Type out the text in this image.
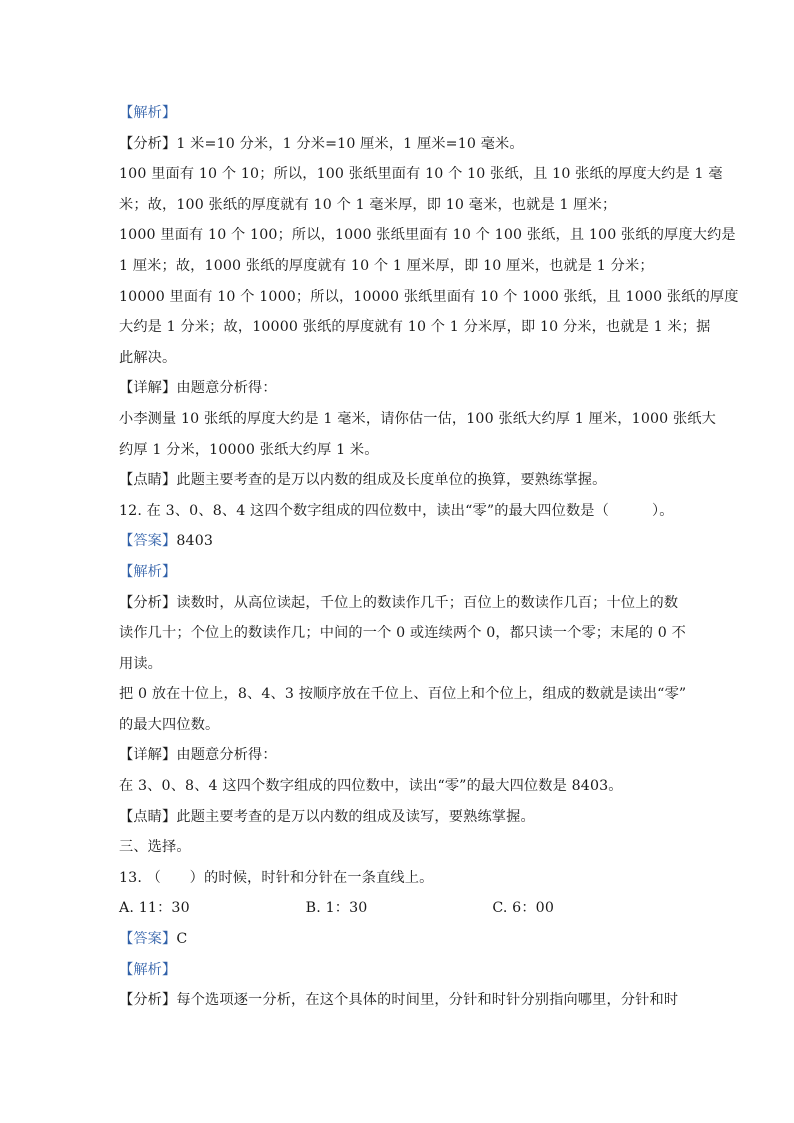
【解析】
【分析】1 米=10 分米，1 分米=10 厘米，1 厘米=10 毫米。
100 里面有 10 个 10；所以，100 张纸里面有 10 个 10 张纸，且 10 张纸的厚度大约是 1 毫
米；故，100 张纸的厚度就有 10 个 1 毫米厚，即 10 毫米，也就是 1 厘米；
1000 里面有 10 个 100；所以，1000 张纸里面有 10 个 100 张纸，且 100 张纸的厚度大约是
1 厘米；故，1000 张纸的厚度就有 10 个 1 厘米厚，即 10 厘米，也就是 1 分米；
10000 里面有 10 个 1000；所以，10000 张纸里面有 10 个 1000 张纸，且 1000 张纸的厚度
大约是 1 分米；故，10000 张纸的厚度就有 10 个 1 分米厚，即 10 分米，也就是 1 米；据
此解决。
【详解】由题意分析得：
小李测量 10 张纸的厚度大约是 1 毫米，请你估一估，100 张纸大约厚 1 厘米，1000 张纸大
约厚 1 分米，10000 张纸大约厚 1 米。
【点睛】此题主要考查的是万以内数的组成及长度单位的换算，要熟练掌握。
12. 在 3、0、8、4 这四个数字组成的四位数中，读出“零”的最大四位数是（　　　）。
【答案】8403
【解析】
【分析】读数时，从高位读起，千位上的数读作几千；百位上的数读作几百；十位上的数
读作几十；个位上的数读作几；中间的一个 0 或连续两个 0，都只读一个零；末尾的 0 不
用读。
把 0 放在十位上，8、4、3 按顺序放在千位上、百位上和个位上，组成的数就是读出“零”
的最大四位数。
【详解】由题意分析得：
在 3、0、8、4 这四个数字组成的四位数中，读出“零”的最大四位数是 8403。
【点睛】此题主要考查的是万以内数的组成及读写，要熟练掌握。
三、选择。
13. （　　）的时候，时针和分针在一条直线上。
A. 11：30	B. 1：30	C. 6：00
【答案】C
【解析】
【分析】每个选项逐一分析，在这个具体的时间里，分针和时针分别指向哪里，分针和时
